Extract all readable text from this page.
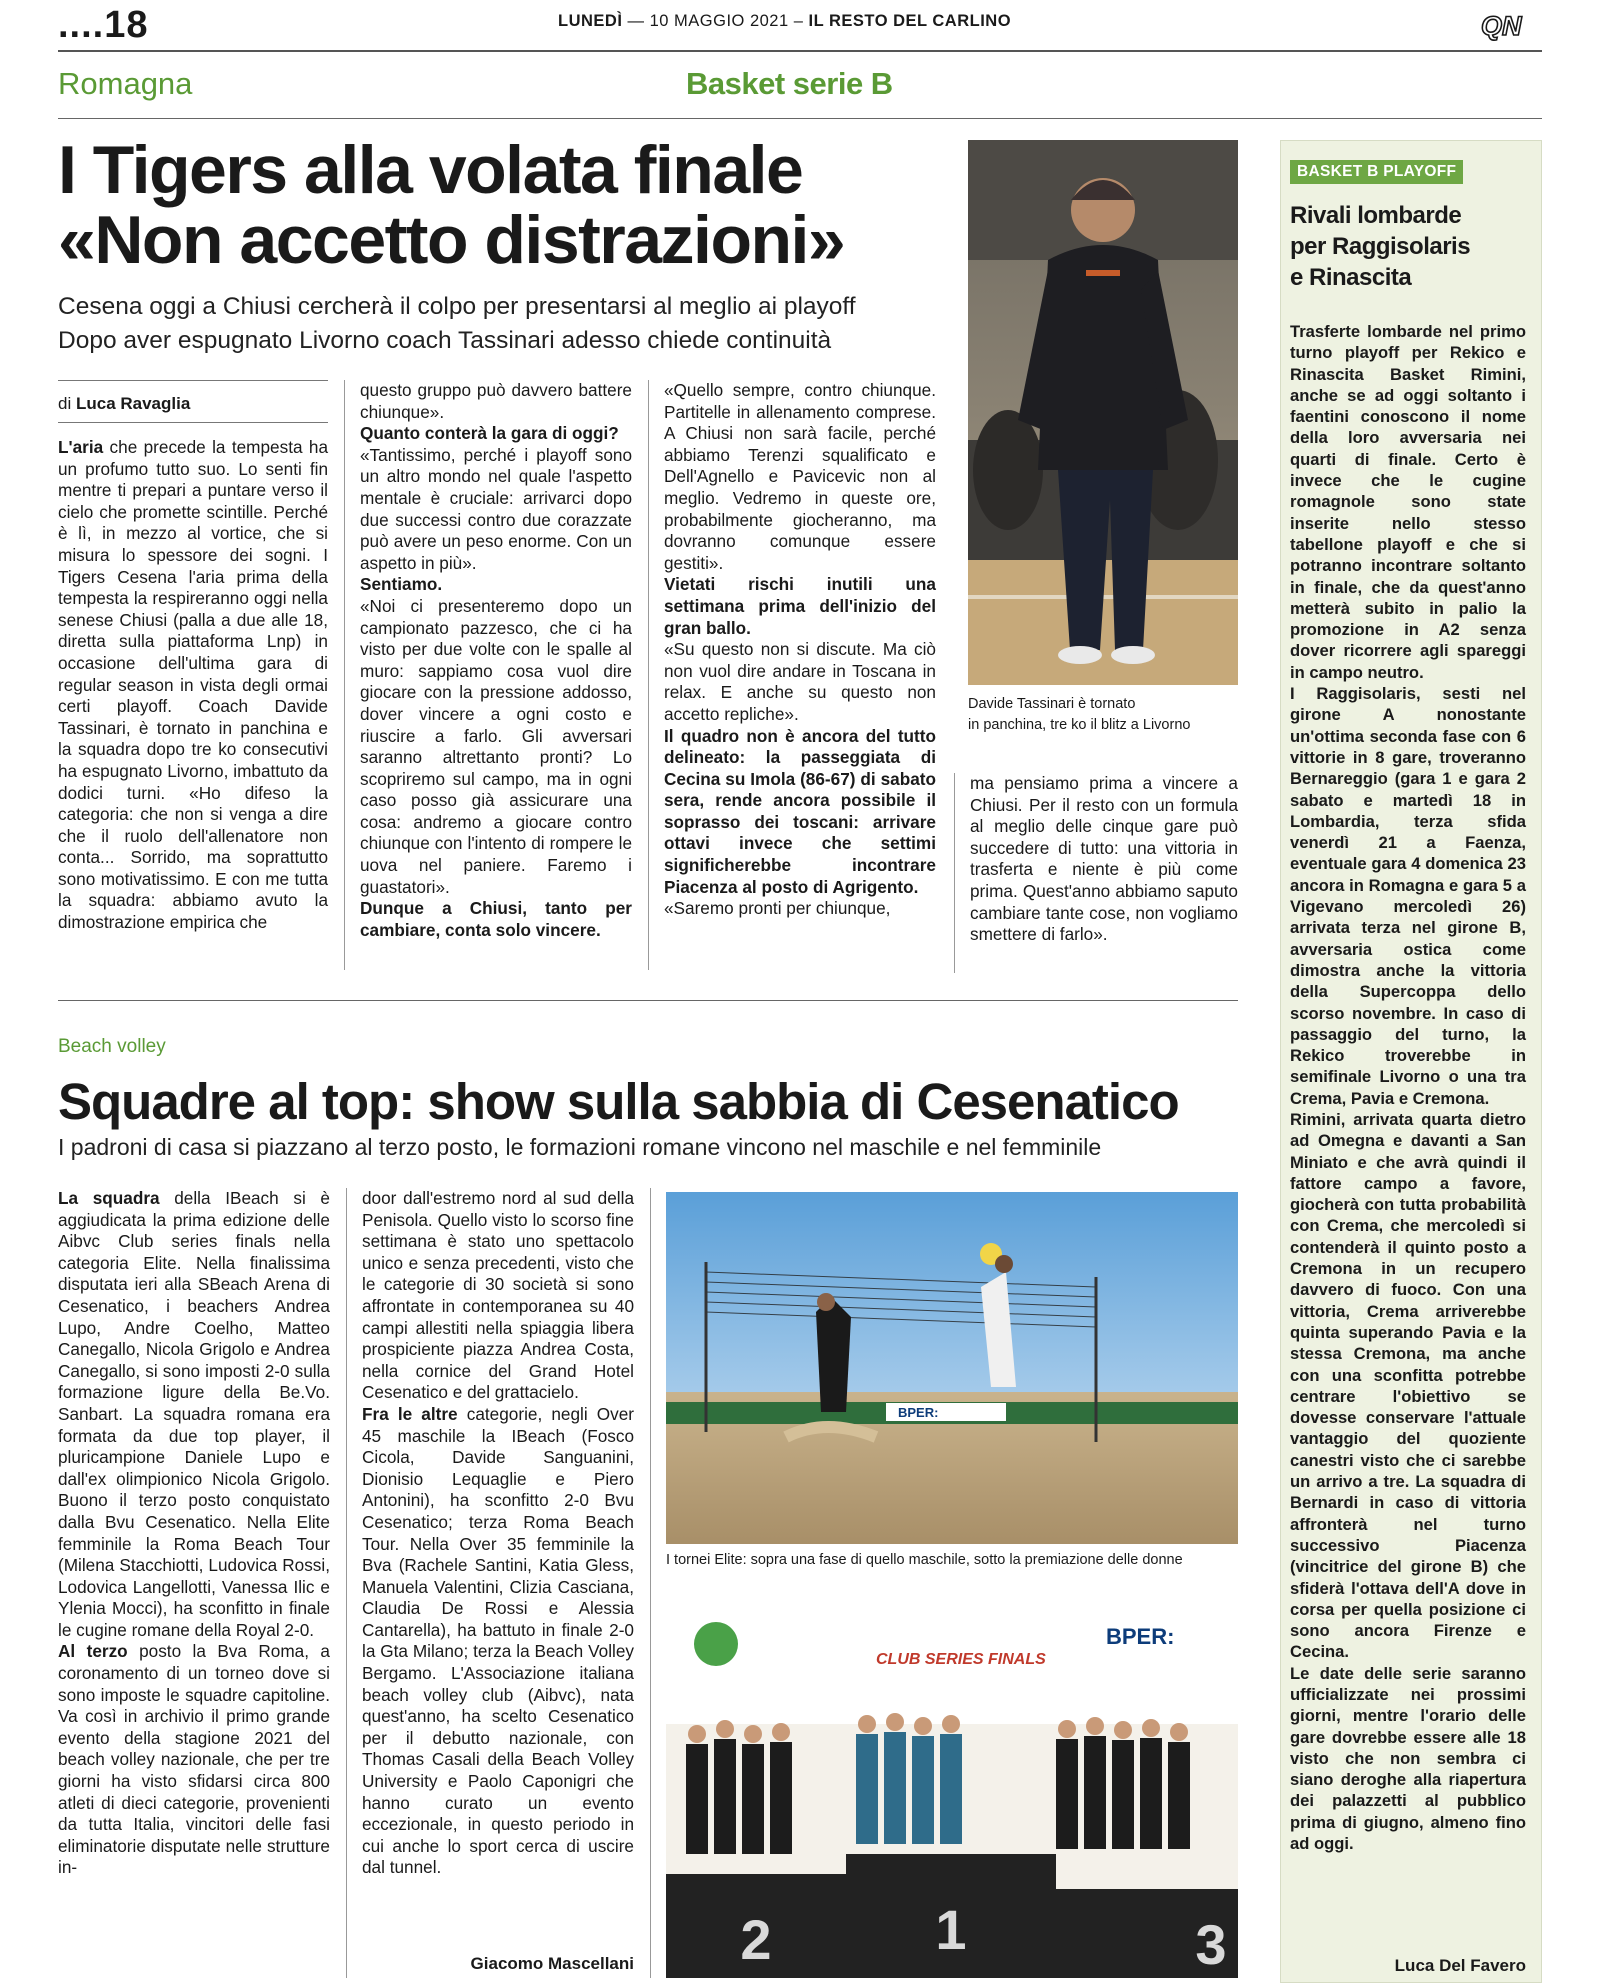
....18	LUNEDÌ — 10 MAGGIO 2021 – IL RESTO DEL CARLINO	QN
Romagna	Basket serie B
I Tigers alla volata finale
«Non accetto distrazioni»
Cesena oggi a Chiusi cercherà il colpo per presentarsi al meglio ai playoff
Dopo aver espugnato Livorno coach Tassinari adesso chiede continuità
di Luca Ravaglia

L'aria che precede la tempesta ha un profumo tutto suo. Lo senti fin mentre ti prepari a puntare verso il cielo che promette scintille. Perché è lì, in mezzo al vortice, che si misura lo spessore dei sogni. I Tigers Cesena l'aria prima della tempesta la respireranno oggi nella senese Chiusi (palla a due alle 18, diretta sulla piattaforma Lnp) in occasione dell'ultima gara di regular season in vista degli ormai certi playoff. Coach Davide Tassinari, è tornato in panchina e la squadra dopo tre ko consecutivi ha espugnato Livorno, imbattuto da dodici turni. «Ho difeso la categoria: che non si venga a dire che il ruolo dell'allenatore non conta... Sorrido, ma soprattutto sono motivatissimo. E con me tutta la squadra: abbiamo avuto la dimostrazione empirica che

questo gruppo può davvero battere chiunque».

Quanto conterà la gara di oggi?

«Tantissimo, perché i playoff sono un altro mondo nel quale l'aspetto mentale è cruciale: arrivarci dopo due successi contro due corazzate può avere un peso enorme. Con un aspetto in più».

Sentiamo.

«Noi ci presenteremo dopo un campionato pazzesco, che ci ha visto per due volte con le spalle al muro: sappiamo cosa vuol dire giocare con la pressione addosso, dover vincere a ogni costo e riuscire a farlo. Gli avversari saranno altrettanto pronti? Lo scopriremo sul campo, ma in ogni caso posso già assicurare una cosa: andremo a giocare contro chiunque con l'intento di rompere le uova nel paniere. Faremo i guastatori».

Dunque a Chiusi, tanto per cambiare, conta solo vincere.

«Quello sempre, contro chiunque. Partitelle in allenamento comprese. A Chiusi non sarà facile, perché abbiamo Terenzi squalificato e Dell'Agnello e Pavicevic non al meglio. Vedremo in queste ore, probabilmente giocheranno, ma dovranno comunque essere gestiti».

Vietati rischi inutili una settimana prima dell'inizio del gran ballo.

«Su questo non si discute. Ma ciò non vuol dire andare in Toscana in relax. E anche su questo non accetto repliche».

Il quadro non è ancora del tutto delineato: la passeggiata di Cecina su Imola (86-67) di sabato sera, rende ancora possibile il soprasso dei toscani: arrivare ottavi invece che settimi significherebbe incontrare Piacenza al posto di Agrigento.

«Saremo pronti per chiunque,

ma pensiamo prima a vincere a Chiusi. Per il resto con un formula al meglio delle cinque gare può succedere di tutto: una vittoria in trasferta e niente è più come prima. Quest'anno abbiamo saputo cambiare tante cose, non vogliamo smettere di farlo».

Davide Tassinari è tornato
in panchina, tre ko il blitz a Livorno
Beach volley
Squadre al top: show sulla sabbia di Cesenatico
I padroni di casa si piazzano al terzo posto, le formazioni romane vincono nel maschile e nel femminile

La squadra della IBeach si è aggiudicata la prima edizione delle Aibvc Club series finals nella categoria Elite. Nella finalissima disputata ieri alla SBeach Arena di Cesenatico, i beachers Andrea Lupo, Andre Coelho, Matteo Canegallo, Nicola Grigolo e Andrea Canegallo, si sono imposti 2-0 sulla formazione ligure della Be.Vo. Sanbart. La squadra romana era formata da due top player, il pluricampione Daniele Lupo e dall'ex olimpionico Nicola Grigolo. Buono il terzo posto conquistato dalla Bvu Cesenatico. Nella Elite femminile la Roma Beach Tour (Milena Stacchiotti, Ludovica Rossi, Lodovica Langellotti, Vanessa Ilic e Ylenia Mocci), ha sconfitto in finale le cugine romane della Royal 2-0.

Al terzo posto la Bva Roma, a coronamento di un torneo dove si sono imposte le squadre capitoline. Va così in archivio il primo grande evento della stagione 2021 del beach volley nazionale, che per tre giorni ha visto sfidarsi circa 800 atleti di dieci categorie, provenienti da tutta Italia, vincitori delle fasi eliminatorie disputate nelle strutture in-

door dall'estremo nord al sud della Penisola. Quello visto lo scorso fine settimana è stato uno spettacolo unico e senza precedenti, visto che le categorie di 30 società si sono affrontate in contemporanea su 40 campi allestiti nella spiaggia libera prospiciente piazza Andrea Costa, nella cornice del Grand Hotel Cesenatico e del grattacielo.

Fra le altre categorie, negli Over 45 maschile la IBeach (Fosco Cicola, Davide Sanguanini, Dionisio Lequaglie e Piero Antonini), ha sconfitto 2-0 Bvu Cesenatico; terza Roma Beach Tour. Nella Over 35 femminile la Bva (Rachele Santini, Katia Gless, Manuela Valentini, Clizia Casciana, Claudia De Rossi e Alessia Cantarella), ha battuto in finale 2-0 la Gta Milano; terza la Beach Volley Bergamo. L'Associazione italiana beach volley club (Aibvc), nata quest'anno, ha scelto Cesenatico per il debutto nazionale, con Thomas Casali della Beach Volley University e Paolo Caponigri che hanno curato un evento eccezionale, in questo periodo in cui anche lo sport cerca di uscire dal tunnel.

Giacomo Mascellani
BPER:
I tornei Elite: sopra una fase di quello maschile, sotto la premiazione delle donne
CLUB SERIES FINALS
BPER:
2	1	3
BASKET B PLAYOFF
Rivali lombarde
per Raggisolaris
e Rinascita

Trasferte lombarde nel primo turno playoff per Rekico e Rinascita Basket Rimini, anche se ad oggi soltanto i faentini conoscono il nome della loro avversaria nei quarti di finale. Certo è invece che le cugine romagnole sono state inserite nello stesso tabellone playoff e che si potranno incontrare soltanto in finale, che da quest'anno metterà subito in palio la promozione in A2 senza dover ricorrere agli spareggi in campo neutro.

I Raggisolaris, sesti nel girone A nonostante un'ottima seconda fase con 6 vittorie in 8 gare, troveranno Bernareggio (gara 1 e gara 2 sabato e martedì 18 in Lombardia, terza sfida venerdì 21 a Faenza, eventuale gara 4 domenica 23 ancora in Romagna e gara 5 a Vigevano mercoledì 26) arrivata terza nel girone B, avversaria ostica come dimostra anche la vittoria della Supercoppa dello scorso novembre. In caso di passaggio del turno, la Rekico troverebbe in semifinale Livorno o una tra Crema, Pavia e Cremona.

Rimini, arrivata quarta dietro ad Omegna e davanti a San Miniato e che avrà quindi il fattore campo a favore, giocherà con tutta probabilità con Crema, che mercoledì si contenderà il quinto posto a Cremona in un recupero davvero di fuoco. Con una vittoria, Crema arriverebbe quinta superando Pavia e la stessa Cremona, ma anche con una sconfitta potrebbe centrare l'obiettivo se dovesse conservare l'attuale vantaggio del quoziente canestri visto che ci sarebbe un arrivo a tre. La squadra di Bernardi in caso di vittoria affronterà nel turno successivo Piacenza (vincitrice del girone B) che sfiderà l'ottava dell'A dove in corsa per quella posizione ci sono ancora Firenze e Cecina.

Le date delle serie saranno ufficializzate nei prossimi giorni, mentre l'orario delle gare dovrebbe essere alle 18 visto che non sembra ci siano deroghe alla riapertura dei palazzetti al pubblico prima di giugno, almeno fino ad oggi.

Luca Del Favero
